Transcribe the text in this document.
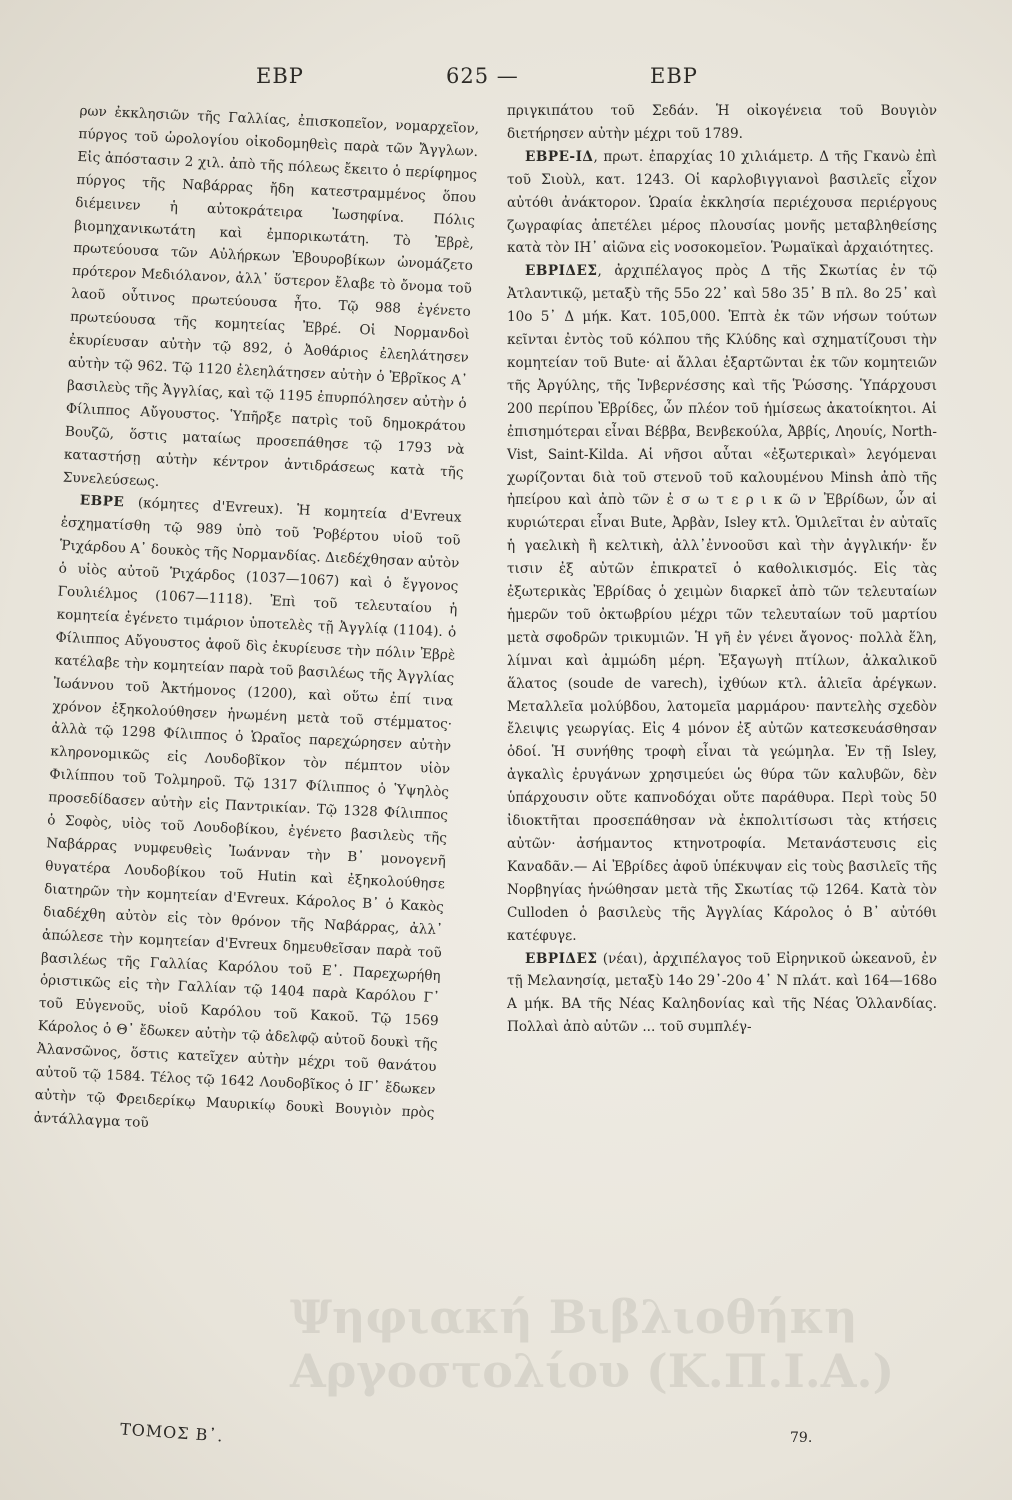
ΕΒΡ	625 —	ΕΒΡ

ρων ἐκκλησιῶν τῆς Γαλλίας, ἐπισκοπεῖον, νομαρχεῖον, πύργος τοῦ ὡρολογίου οἰκοδομηθεὶς παρὰ τῶν Ἄγγλων. Εἰς ἀπόστασιν 2 χιλ. ἀπὸ τῆς πόλεως ἔκειτο ὁ περίφημος πύργος τῆς Ναβάρρας ἤδη κατεστραμμένος ὅπου διέμεινεν ἡ αὐτοκράτειρα Ἰωσηφίνα. Πόλις βιομηχανικωτάτη καὶ ἐμπορικωτάτη. Τὸ Ἐβρὲ, πρωτεύουσα τῶν Αὐλήρκων Ἐβουροβίκων ὠνομάζετο πρότερον Μεδιόλανον, ἀλλ᾽ ὕστερον ἔλαβε τὸ ὄνομα τοῦ λαοῦ οὗτινος πρωτεύουσα ἦτο. Τῷ 988 ἐγένετο πρωτεύουσα τῆς κομητείας Ἐβρέ. Οἱ Νορμανδοὶ ἐκυρίευσαν αὐτὴν τῷ 892, ὁ Ἀοθάριος ἐλεηλάτησεν αὐτὴν τῷ 962. Τῷ 1120 ἐλεηλάτησεν αὐτὴν ὁ Ἐβρῖκος Α᾽ βασιλεὺς τῆς Ἀγγλίας, καὶ τῷ 1195 ἐπυρπόλησεν αὐτὴν ὁ Φίλιππος Αὔγουστος. Ὑπῆρξε πατρὶς τοῦ δημοκράτου Βουζῶ, ὅστις ματαίως προσεπάθησε τῷ 1793 νὰ καταστήσῃ αὐτὴν κέντρον ἀντιδράσεως κατὰ τῆς Συνελεύσεως.

ΕΒΡΕ (κόμητες d'Evreux). Ἡ κομητεία d'Evreux ἐσχηματίσθη τῷ 989 ὑπὸ τοῦ Ῥοβέρτου υἱοῦ τοῦ Ῥιχάρδου Α᾽ δουκὸς τῆς Νορμανδίας. Διεδέχθησαν αὐτὸν ὁ υἱὸς αὐτοῦ Ῥιχάρδος (1037—1067) καὶ ὁ ἔγγονος Γουλιέλμος (1067—1118). Ἐπὶ τοῦ τελευταίου ἡ κομητεία ἐγένετο τιμάριον ὑποτελὲς τῇ Ἀγγλίᾳ (1104). ὁ Φίλιππος Αὔγουστος ἀφοῦ δὶς ἐκυρίευσε τὴν πόλιν Ἐβρὲ κατέλαβε τὴν κομητείαν παρὰ τοῦ βασιλέως τῆς Ἀγγλίας Ἰωάννου τοῦ Ἀκτήμονος (1200), καὶ οὕτω ἐπί τινα χρόνον ἐξηκολούθησεν ἡνωμένη μετὰ τοῦ στέμματος· ἀλλὰ τῷ 1298 Φίλιππος ὁ Ὡραῖος παρεχώρησεν αὐτὴν κληρονομικῶς εἰς Λουδοβῖκον τὸν πέμπτον υἱὸν Φιλίππου τοῦ Τολμηροῦ. Τῷ 1317 Φίλιππος ὁ Ὑψηλὸς προσεδίδασεν αὐτὴν εἰς Παντρικίαν. Τῷ 1328 Φίλιππος ὁ Σοφὸς, υἱὸς τοῦ Λουδοβίκου, ἐγένετο βασιλεὺς τῆς Ναβάρρας νυμφευθεὶς Ἰωάνναν τὴν Β᾽ μονογενῆ θυγατέρα Λουδοβίκου τοῦ Hutin καὶ ἐξηκολούθησε διατηρῶν τὴν κομητείαν d'Evreux. Κάρολος Β᾽ ὁ Κακὸς διαδέχθη αὐτὸν εἰς τὸν θρόνον τῆς Ναβάρρας, ἀλλ᾽ ἀπώλεσε τὴν κομητείαν d'Evreux δημευθεῖσαν παρὰ τοῦ βασιλέως τῆς Γαλλίας Καρόλου τοῦ Ε᾽. Παρεχωρήθη ὁριστικῶς εἰς τὴν Γαλλίαν τῷ 1404 παρὰ Καρόλου Γ᾽ τοῦ Εὐγενοῦς, υἱοῦ Καρόλου τοῦ Κακοῦ. Τῷ 1569 Κάρολος ὁ Θ᾽ ἔδωκεν αὐτὴν τῷ ἀδελφῷ αὐτοῦ δουκὶ τῆς Ἀλανσῶνος, ὅστις κατεῖχεν αὐτὴν μέχρι τοῦ θανάτου αὐτοῦ τῷ 1584. Τέλος τῷ 1642 Λουδοβῖκος ὁ ΙΓ᾽ ἔδωκεν αὐτὴν τῷ Φρειδερίκῳ Μαυρικίῳ δουκὶ Βουγιὸν πρὸς ἀντάλλαγμα τοῦ

πριγκιπάτου τοῦ Σεδάν. Ἡ οἰκογένεια τοῦ Βουγιὸν διετήρησεν αὐτὴν μέχρι τοῦ 1789.

ΕΒΡΕ-ΙΔ, πρωτ. ἐπαρχίας 10 χιλιάμετρ. Δ τῆς Γκανὼ ἐπὶ τοῦ Σιοὺλ, κατ. 1243. Οἱ καρλοβιγγιανοὶ βασιλεῖς εἶχον αὐτόθι ἀνάκτορον. Ὡραία ἐκκλησία περιέχουσα περιέργους ζωγραφίας ἀπετέλει μέρος πλουσίας μονῆς μεταβληθείσης κατὰ τὸν ΙΗ᾽ αἰῶνα εἰς νοσοκομεῖον. Ῥωμαϊκαὶ ἀρχαιότητες.

ΕΒΡΙΔΕΣ, ἀρχιπέλαγος πρὸς Δ τῆς Σκωτίας ἐν τῷ Ἀτλαντικῷ, μεταξὺ τῆς 55ο 22᾽ καὶ 58ο 35᾽ Β πλ. 8ο 25᾽ καὶ 10ο 5᾽ Δ μήκ. Κατ. 105,000. Ἑπτὰ ἐκ τῶν νήσων τούτων κεῖνται ἐντὸς τοῦ κόλπου τῆς Κλύδης καὶ σχηματίζουσι τὴν κομητείαν τοῦ Bute· αἱ ἄλλαι ἐξαρτῶνται ἐκ τῶν κομητειῶν τῆς Ἀργύλης, τῆς Ἰνβερνέσσης καὶ τῆς Ῥώσσης. Ὑπάρχουσι 200 περίπου Ἐβρίδες, ὧν πλέον τοῦ ἡμίσεως ἀκατοίκητοι. Αἱ ἐπισημότεραι εἶναι Βέββα, Βενβεκούλα, Ἀββίς, Ληουίς, North-Vist, Saint-Kilda. Αἱ νῆσοι αὗται «ἐξωτερικαὶ» λεγόμεναι χωρίζονται διὰ τοῦ στενοῦ τοῦ καλουμένου Minsh ἀπὸ τῆς ἠπείρου καὶ ἀπὸ τῶν ἐ σ ω τ ε ρ ι κ ῶ ν Ἐβρίδων, ὧν αἱ κυριώτεραι εἶναι Bute, Ἀρβὰν, Isley κτλ. Ὁμιλεῖται ἐν αὐταῖς ἡ γαελικὴ ἢ κελτικὴ, ἀλλ᾽ἐννοοῦσι καὶ τὴν ἀγγλικήν· ἔν τισιν ἐξ αὐτῶν ἐπικρατεῖ ὁ καθολικισμός. Εἰς τὰς ἐξωτερικὰς Ἐβρίδας ὁ χειμὼν διαρκεῖ ἀπὸ τῶν τελευταίων ἡμερῶν τοῦ ὀκτωβρίου μέχρι τῶν τελευταίων τοῦ μαρτίου μετὰ σφοδρῶν τρικυμιῶν. Ἡ γῆ ἐν γένει ἄγονος· πολλὰ ἕλη, λίμναι καὶ ἀμμώδη μέρη. Ἐξαγωγὴ πτίλων, ἀλκαλικοῦ ἅλατος (soude de varech), ἰχθύων κτλ. ἁλιεῖα ἀρέγκων. Μεταλλεῖα μολύβδου, λατομεῖα μαρμάρου· παντελὴς σχεδὸν ἔλειψις γεωργίας. Εἰς 4 μόνον ἐξ αὐτῶν κατεσκευάσθησαν ὁδοί. Ἡ συνήθης τροφὴ εἶναι τὰ γεώμηλα. Ἐν τῇ Isley, ἀγκαλὶς ἐρυγάνων χρησιμεύει ὡς θύρα τῶν καλυβῶν, δὲν ὑπάρχουσιν οὔτε καπνοδόχαι οὔτε παράθυρα. Περὶ τοὺς 50 ἰδιοκτῆται προσεπάθησαν νὰ ἐκπολιτίσωσι τὰς κτήσεις αὐτῶν· ἀσήμαντος κτηνοτροφία. Μετανάστευσις εἰς Καναδᾶν.— Αἱ Ἐβρίδες ἀφοῦ ὑπέκυψαν εἰς τοὺς βασιλεῖς τῆς Νορβηγίας ἡνώθησαν μετὰ τῆς Σκωτίας τῷ 1264. Κατὰ τὸν Culloden ὁ βασιλεὺς τῆς Ἀγγλίας Κάρολος ὁ Β᾽ αὐτόθι κατέφυγε.

ΕΒΡΙΔΕΣ (νέαι), ἀρχιπέλαγος τοῦ Εἰρηνικοῦ ὠκεανοῦ, ἐν τῇ Μελανησίᾳ, μεταξὺ 14ο 29᾽-20ο 4᾽ Ν πλάτ. καὶ 164—168ο Α μήκ. ΒΑ τῆς Νέας Καληδονίας καὶ τῆς Νέας Ὁλλανδίας. Πολλαὶ ἀπὸ αὐτῶν ... τοῦ συμπλέγ-

Ψηφιακή Βιβλιοθήκη
Αργοστολίου (Κ.Π.Ι.Α.)
ΤΟΜΟΣ Β᾽.	79.
